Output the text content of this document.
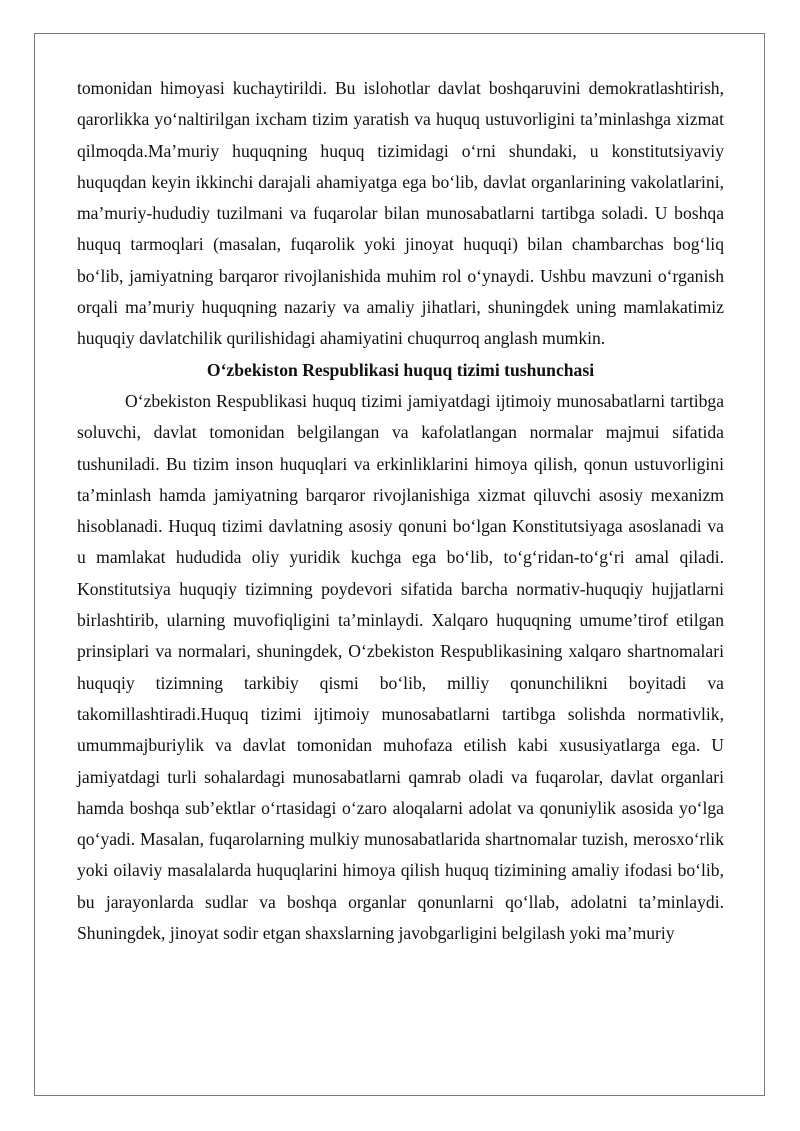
tomonidan himoyasi kuchaytirildi. Bu islohotlar davlat boshqaruvini demokratlashtirish, qarorlikka yo‘naltirilgan ixcham tizim yaratish va huquq ustuvorligini ta’minlashga xizmat qilmoqda.Ma’muriy huquqning huquq tizimidagi o‘rni shundaki, u konstitutsiyaviy huquqdan keyin ikkinchi darajali ahamiyatga ega bo‘lib, davlat organlarining vakolatlarini, ma’muriy-hududiy tuzilmani va fuqarolar bilan munosabatlarni tartibga soladi. U boshqa huquq tarmoqlari (masalan, fuqarolik yoki jinoyat huquqi) bilan chambarchas bog‘liq bo‘lib, jamiyatning barqaror rivojlanishida muhim rol o‘ynaydi. Ushbu mavzuni o‘rganish orqali ma’muriy huquqning nazariy va amaliy jihatlari, shuningdek uning mamlakatimiz huquqiy davlatchilik qurilishidagi ahamiyatini chuqurroq anglash mumkin.

O‘zbekiston Respublikasi huquq tizimi tushunchasi

O‘zbekiston Respublikasi huquq tizimi jamiyatdagi ijtimoiy munosabatlarni tartibga soluvchi, davlat tomonidan belgilangan va kafolatlangan normalar majmui sifatida tushuniladi. Bu tizim inson huquqlari va erkinliklarini himoya qilish, qonun ustuvorligini ta’minlash hamda jamiyatning barqaror rivojlanishiga xizmat qiluvchi asosiy mexanizm hisoblanadi. Huquq tizimi davlatning asosiy qonuni bo‘lgan Konstitutsiyaga asoslanadi va u mamlakat hududida oliy yuridik kuchga ega bo‘lib, to‘g‘ridan-to‘g‘ri amal qiladi. Konstitutsiya huquqiy tizimning poydevori sifatida barcha normativ-huquqiy hujjatlarni birlashtirib, ularning muvofiqligini ta’minlaydi. Xalqaro huquqning umume’tirof etilgan prinsiplari va normalari, shuningdek, O‘zbekiston Respublikasining xalqaro shartnomalari huquqiy tizimning tarkibiy qismi bo‘lib, milliy qonunchilikni boyitadi va takomillashtiradi.Huquq tizimi ijtimoiy munosabatlarni tartibga solishda normativlik, umummajburiylik va davlat tomonidan muhofaza etilish kabi xususiyatlarga ega. U jamiyatdagi turli sohalardagi munosabatlarni qamrab oladi va fuqarolar, davlat organlari hamda boshqa sub’ektlar o‘rtasidagi o‘zaro aloqalarni adolat va qonuniylik asosida yo‘lga qo‘yadi. Masalan, fuqarolarning mulkiy munosabatlarida shartnomalar tuzish, merosxo‘rlik yoki oilaviy masalalarda huquqlarini himoya qilish huquq tizimining amaliy ifodasi bo‘lib, bu jarayonlarda sudlar va boshqa organlar qonunlarni qo‘llab, adolatni ta’minlaydi. Shuningdek, jinoyat sodir etgan shaxslarning javobgarligini belgilash yoki ma’muriy
